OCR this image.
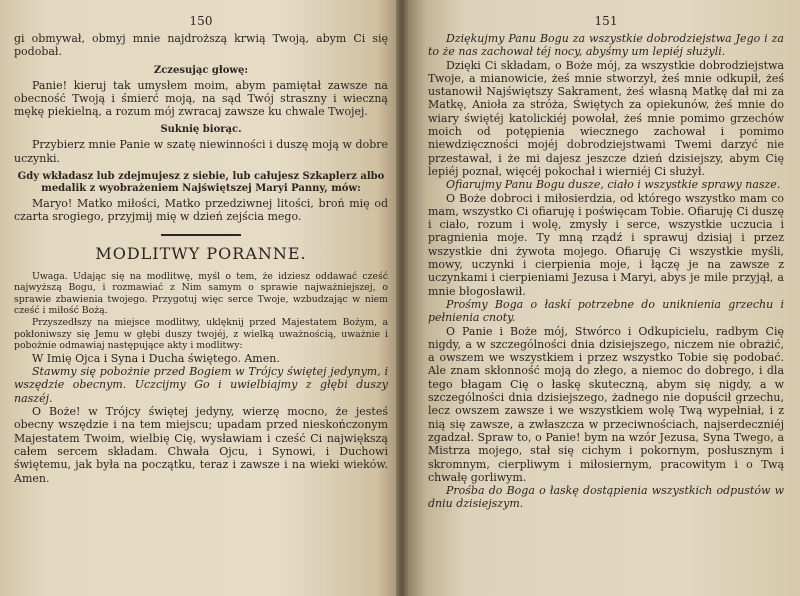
150

gi obmywał, obmyj mnie najdroższą krwią Twoją, abym Ci się podobał.

Zczesując głowę:

Panie! kieruj tak umysłem moim, abym pamiętał zawsze na obecność Twoją i śmierć moją, na sąd Twój straszny i wieczną mękę piekielną, a rozum mój zwracaj zawsze ku chwale Twojej.

Suknię biorąc.

Przybierz mnie Panie w szatę niewinności i duszę moją w dobre uczynki.

Gdy wkładasz lub zdejmujesz z siebie, lub całujesz Szkaplerz albo medalik z wyobrażeniem Najświętszej Maryi Panny, mów:

Maryo! Matko miłości, Matko przedziwnej litości, broń mię od czarta srogiego, przyjmij mię w dzień zejścia mego.

MODLITWY PORANNE.

Uwaga. Udając się na modlitwę, myśl o tem, że idziesz oddawać cześć najwyższą Bogu, i rozmawiać z Nim samym o sprawie najważniejszej, o sprawie zbawienia twojego. Przygotuj więc serce Twoje, wzbudzając w niem cześć i miłość Bożą.

Przyszedłszy na miejsce modlitwy, uklęknij przed Majestatem Bożym, a pokłoniwszy się Jemu w głębi duszy twojéj, z wielką uważnością, uważnie i pobożnie odmawiaj następujące akty i modlitwy:

W Imię Ojca i Syna i Ducha świętego. Amen.

Stawmy się pobożnie przed Bogiem w Trójcy świętej jedynym, i wszędzie obecnym. Uczcijmy Go i uwielbiajmy z głębi duszy naszéj.

O Boże! w Trójcy świętej jedyny, wierzę mocno, że jesteś obecny wszędzie i na tem miejscu; upadam przed nieskończonym Majestatem Twoim, wielbię Cię, wysławiam i cześć Ci największą całem sercem składam. Chwała Ojcu, i Synowi, i Duchowi świętemu, jak była na początku, teraz i zawsze i na wieki wieków. Amen.

151

Dziękujmy Panu Bogu za wszystkie dobrodziejstwa Jego i za to że nas zachował téj nocy, abyśmy um lepiéj służyli.

Dzięki Ci składam, o Boże mój, za wszystkie dobrodziejstwa Twoje, a mianowicie, żeś mnie stworzył, żeś mnie odkupił, żeś ustanowił Najświętszy Sakrament, żeś własną Matkę dał mi za Matkę, Anioła za stróża, Świętych za opiekunów, żeś mnie do wiary świętéj katolickiéj powołał, żeś mnie pomimo grzechów moich od potępienia wiecznego zachował i pomimo niewdzięczności mojéj dobrodziejstwami Twemi darzyć nie przestawał, i że mi dajesz jeszcze dzień dzisiejszy, abym Cię lepiéj poznał, więcéj pokochał i wierniéj Ci służył.

Ofiarujmy Panu Bogu dusze, ciało i wszystkie sprawy nasze.

O Boże dobroci i miłosierdzia, od którego wszystko mam co mam, wszystko Ci ofiaruję i poświęcam Tobie. Ofiaruję Ci duszę i ciało, rozum i wolę, zmysły i serce, wszystkie uczucia i pragnienia moje. Ty mną rządź i sprawuj dzisiaj i przez wszystkie dni żywota mojego. Ofiaruję Ci wszystkie myśli, mowy, uczynki i cierpienia moje, i łączę je na zawsze z uczynkami i cierpieniami Jezusa i Maryi, abys je mile przyjął, a mnie błogosławił.

Prośmy Boga o łaskí potrzebne do uniknienia grzechu i pełnienia cnoty.

O Panie i Boże mój, Stwórco i Odkupicielu, radbym Cię nigdy, a w szczególności dnia dzisiejszego, niczem nie obrażić, a owszem we wszystkiem i przez wszystko Tobie się podobać. Ale znam skłonność moją do złego, a niemoc do dobrego, i dla tego błagam Cię o łaskę skuteczną, abym się nigdy, a w szczególności dnia dzisiejszego, żadnego nie dopuścił grzechu, lecz owszem zawsze i we wszystkiem wolę Twą wypełniał, i z nią się zawsze, a zwłaszcza w przeciwnościach, najserdeczniéj zgadzał. Spraw to, o Panie! bym na wzór Jezusa, Syna Twego, a Mistrza mojego, stał się cichym i pokornym, posłusznym i skromnym, cierpliwym i miłosiernym, pracowitym i o Twą chwałę gorliwym.

Prośba do Boga o łaskę dostąpienia wszystkich odpustów w dniu dzisiejszym.
